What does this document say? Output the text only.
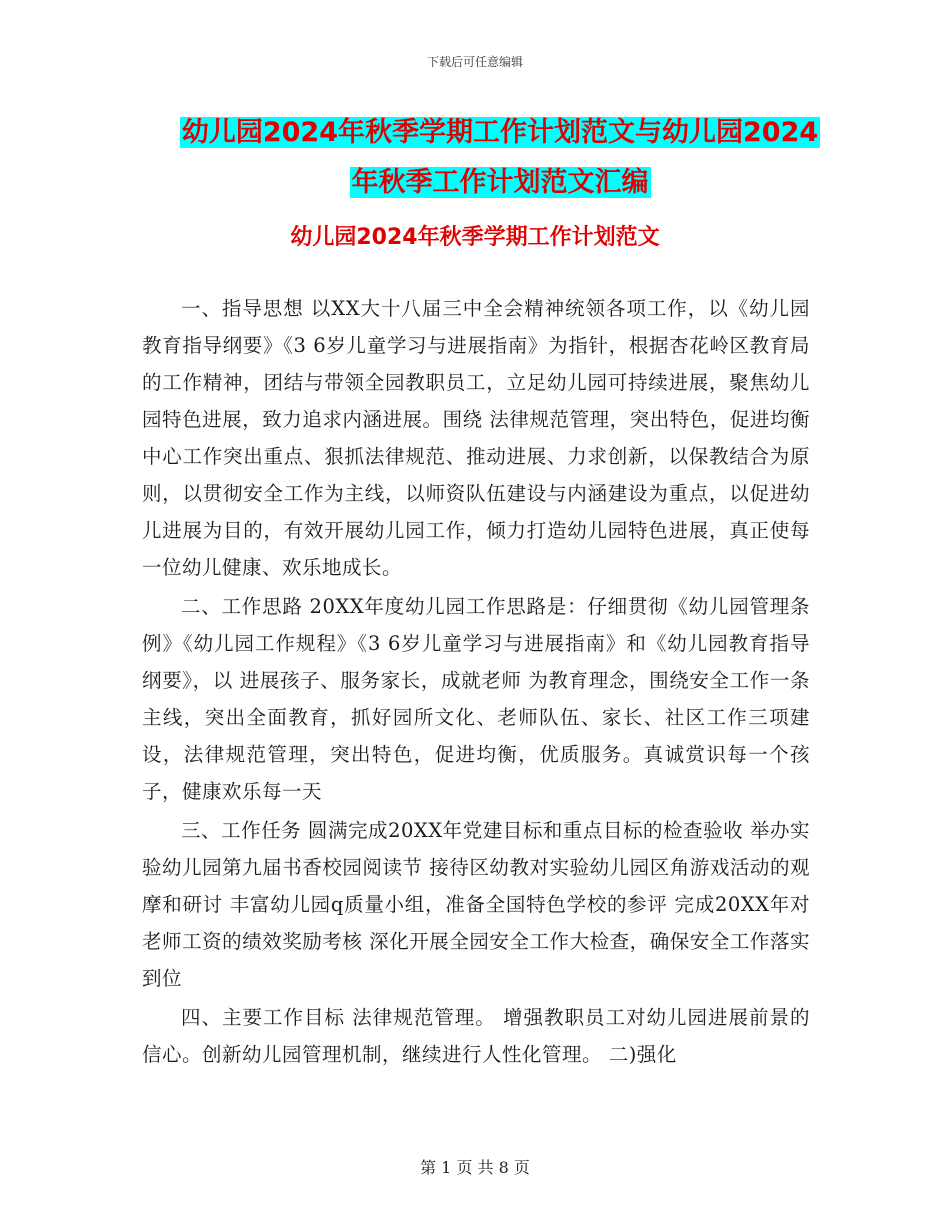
下载后可任意编辑
幼儿园2024年秋季学期工作计划范文与幼儿园2024
年秋季工作计划范文汇编
幼儿园2024年秋季学期工作计划范文

一、指导思想 以XX大十八届三中全会精神统领各项工作，以《幼儿园教育指导纲要》《3 6岁儿童学习与进展指南》为指针，根据杏花岭区教育局的工作精神，团结与带领全园教职员工，立足幼儿园可持续进展，聚焦幼儿园特色进展，致力追求内涵进展。围绕 法律规范管理，突出特色，促进均衡 中心工作突出重点、狠抓法律规范、推动进展、力求创新，以保教结合为原则，以贯彻安全工作为主线，以师资队伍建设与内涵建设为重点，以促进幼儿进展为目的，有效开展幼儿园工作，倾力打造幼儿园特色进展，真正使每一位幼儿健康、欢乐地成长。

二、工作思路 20XX年度幼儿园工作思路是：仔细贯彻《幼儿园管理条例》《幼儿园工作规程》《3 6岁儿童学习与进展指南》和《幼儿园教育指导纲要》，以 进展孩子、服务家长，成就老师 为教育理念，围绕安全工作一条主线，突出全面教育，抓好园所文化、老师队伍、家长、社区工作三项建设，法律规范管理，突出特色，促进均衡，优质服务。真诚赏识每一个孩子，健康欢乐每一天

三、工作任务 圆满完成20XX年党建目标和重点目标的检查验收 举办实验幼儿园第九届书香校园阅读节 接待区幼教对实验幼儿园区角游戏活动的观摩和研讨 丰富幼儿园q质量小组，准备全国特色学校的参评 完成20XX年对老师工资的绩效奖励考核 深化开展全园安全工作大检查，确保安全工作落实到位

四、主要工作目标 法律规范管理。 增强教职员工对幼儿园进展前景的信心。创新幼儿园管理机制，继续进行人性化管理。 二)强化

第 1 页 共 8 页
